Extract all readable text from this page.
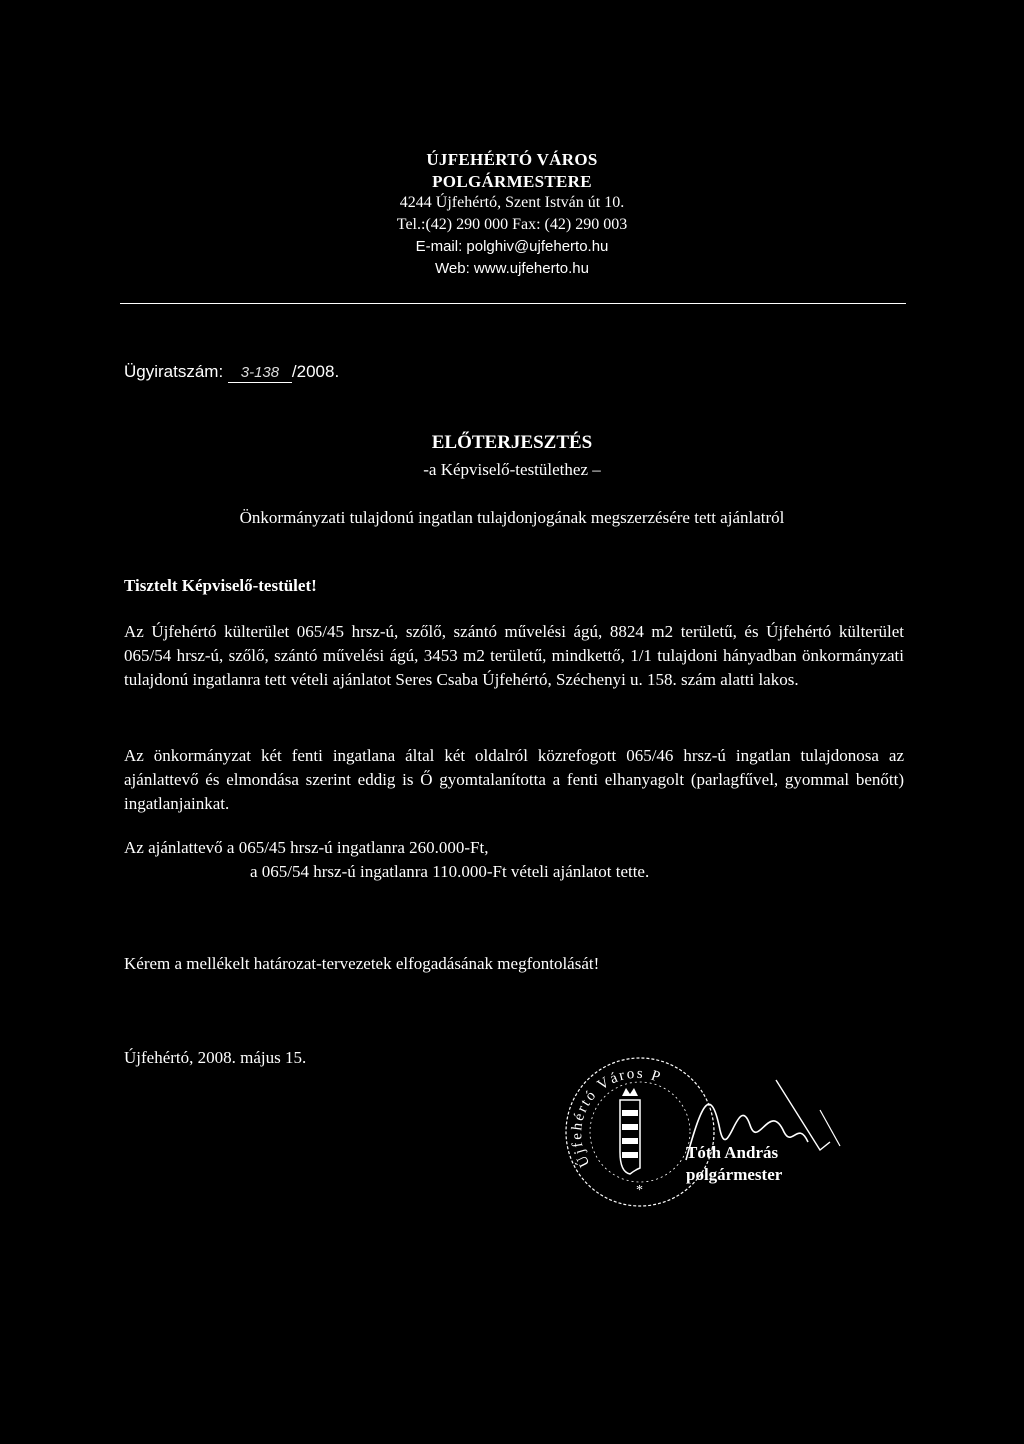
ÚJFEHÉRTÓ VÁROS
POLGÁRMESTERE
4244 Újfehértó, Szent István út 10.
Tel.:(42) 290 000 Fax: (42) 290 003
E-mail: polghiv@ujfeherto.hu
Web: www.ujfeherto.hu
Ügyiratszám: 3-138 /2008.
ELŐTERJESZTÉS
-a Képviselő-testülethez –
Önkormányzati tulajdonú ingatlan tulajdonjogának megszerzésére tett ajánlatról
Tisztelt Képviselő-testület!
Az Újfehértó külterület 065/45 hrsz-ú, szőlő, szántó művelési ágú, 8824 m2 területű, és Újfehértó külterület 065/54 hrsz-ú, szőlő, szántó művelési ágú, 3453 m2 területű, mindkettő, 1/1 tulajdoni hányadban önkormányzati tulajdonú ingatlanra tett vételi ajánlatot Seres Csaba Újfehértó, Széchenyi u. 158. szám alatti lakos.
Az önkormányzat két fenti ingatlana által két oldalról közrefogott 065/46 hrsz-ú ingatlan tulajdonosa az ajánlattevő és elmondása szerint eddig is Ő gyomtalanította a fenti elhanyagolt (parlagfűvel, gyommal benőtt) ingatlanjainkat.
Az ajánlattevő a 065/45 hrsz-ú ingatlanra 260.000-Ft,
a 065/54 hrsz-ú ingatlanra 110.000-Ft vételi ajánlatot tette.
Kérem a mellékelt határozat-tervezetek elfogadásának megfontolását!
Újfehértó, 2008. május 15.
Újfehértó Város P
*
Tóth András
polgármester
